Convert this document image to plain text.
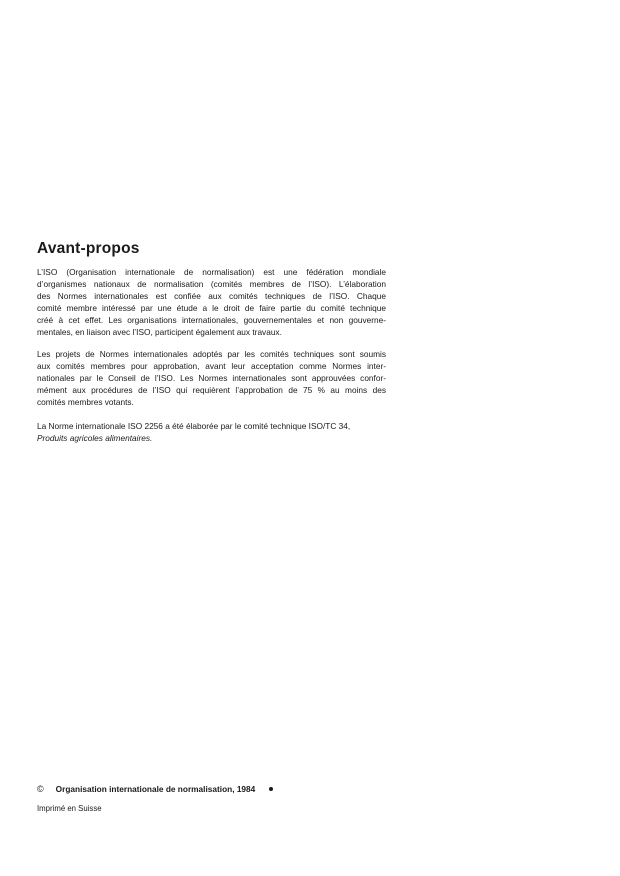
Avant-propos
L’ISO (Organisation internationale de normalisation) est une fédération mondiale
d’organismes nationaux de normalisation (comités membres de l’ISO). L’élaboration
des Normes internationales est confiée aux comités techniques de l’ISO. Chaque
comité membre intéressé par une étude a le droit de faire partie du comité technique
créé à cet effet. Les organisations internationales, gouvernementales et non gouverne-
mentales, en liaison avec l’ISO, participent également aux travaux.
Les projets de Normes internationales adoptés par les comités techniques sont soumis
aux comités membres pour approbation, avant leur acceptation comme Normes inter-
nationales par le Conseil de l’ISO. Les Normes internationales sont approuvées confor-
mément aux procédures de l’ISO qui requièrent l’approbation de 75 % au moins des
comités membres votants.
La Norme internationale ISO 2256 a été élaborée par le comité technique ISO/TC 34,
Produits agricoles alimentaires.
© Organisation internationale de normalisation, 1984
Imprimé en Suisse
